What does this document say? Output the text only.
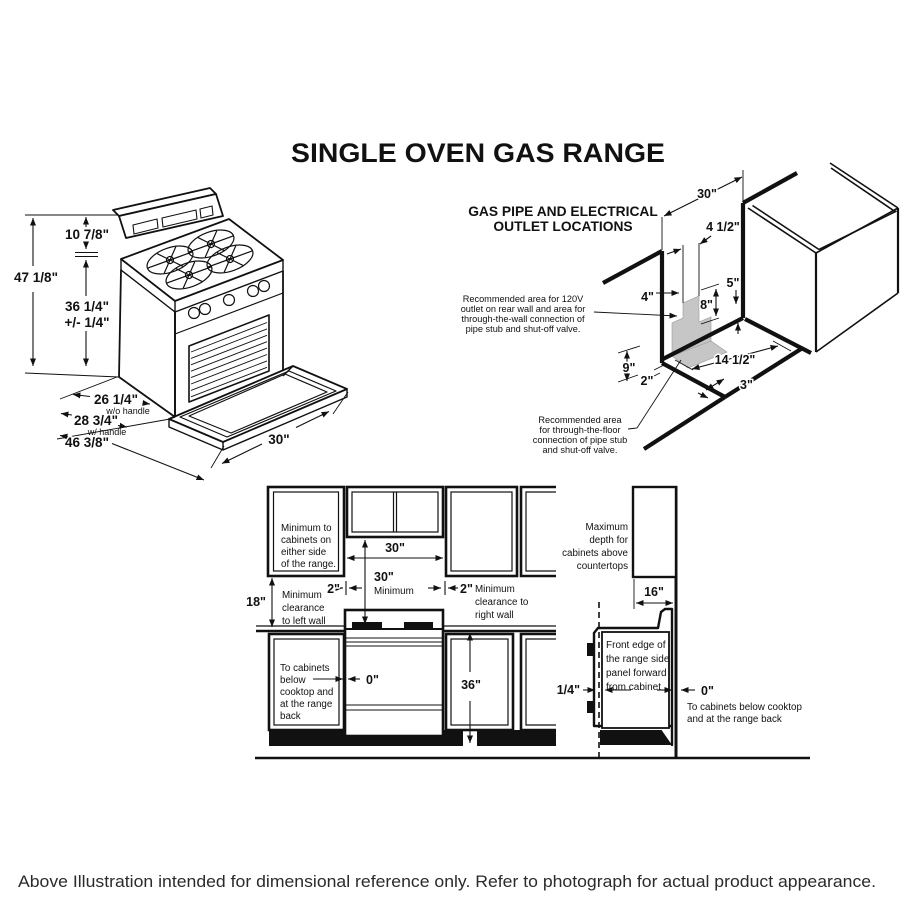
SINGLE OVEN GAS RANGE
47 1/8"
10 7/8"
36 1/4"
+/- 1/4"
26 1/4"
w/o handle
28 3/4"
w/ handle
46 3/8"	30"
GAS PIPE AND ELECTRICAL
OUTLET LOCATIONS
30"
4 1/2"
4"
8"
5"
9"
2"
14 1/2"
3"
Recommended area for 120V
outlet on rear wall and area for
through-the-wall connection of
pipe stub and shut-off valve.
Recommended area
for through-the-floor
connection of pipe stub
and shut-off valve.
Minimum to
cabinets on
either side
of the range.
To cabinets
below
cooktop and
at the range
back
30"
30"
Minimum
2"	2"
18"
0"	36"
Minimum
clearance
to left wall
Minimum
clearance to
right wall
Maximum
depth for
cabinets above
countertops
16"
Front edge of
the range side
panel forward
from cabinet
1/4"	0"
To cabinets below cooktop
and at the range back
Above Illustration intended for dimensional reference only. Refer to photograph for actual product appearance.
